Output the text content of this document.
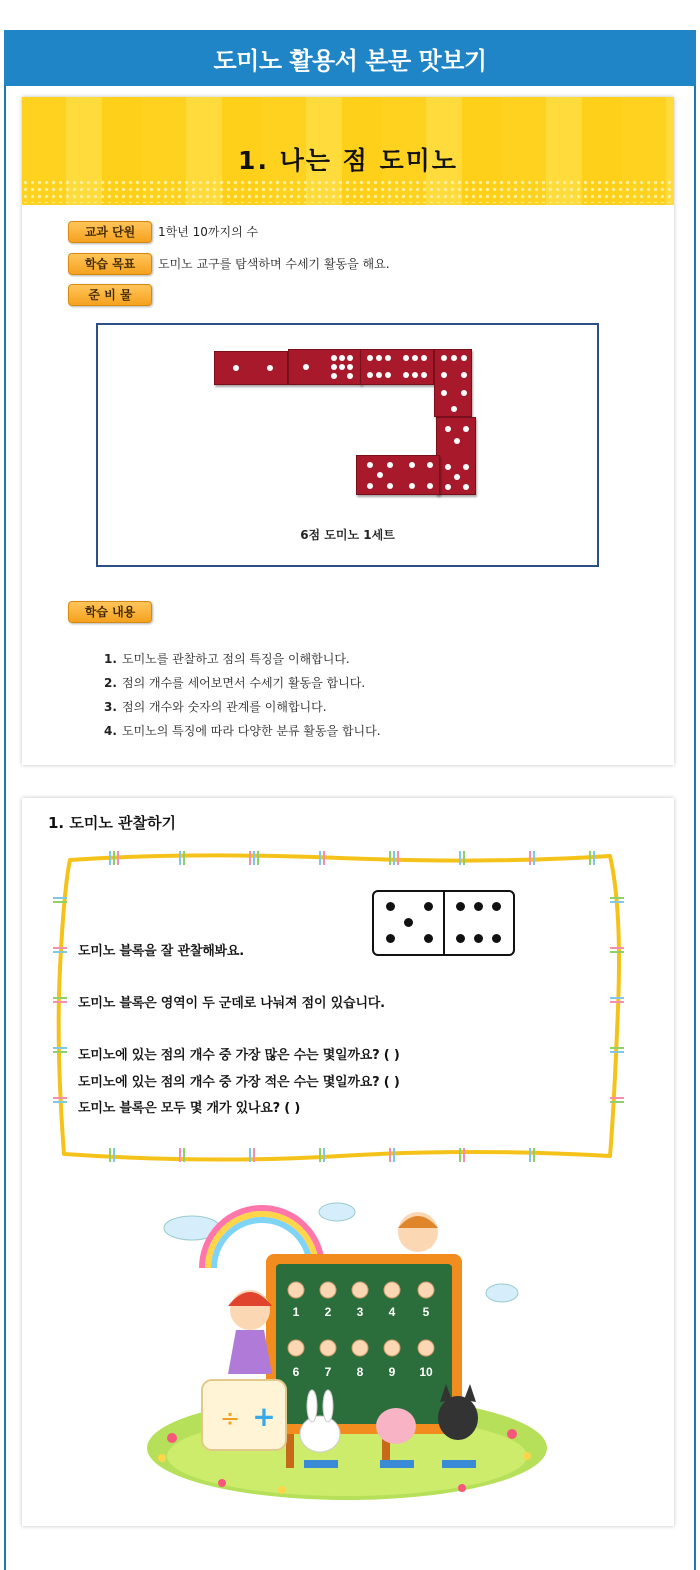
도미노 활용서 본문 맛보기
1. 나는 점 도미노
교과 단원	1학년 10까지의 수
학습 목표	도미노 교구를 탐색하며 수세기 활동을 해요.
준 비 물
6점 도미노 1세트
학습 내용
1. 도미노를 관찰하고 점의 특징을 이해합니다.
2. 점의 개수를 세어보면서 수세기 활동을 합니다.
3. 점의 개수와 숫자의 관계를 이해합니다.
4. 도미노의 특징에 따라 다양한 분류 활동을 합니다.
1. 도미노 관찰하기
도미노 블록을 잘 관찰해봐요.
도미노 블록은 영역이 두 군데로 나눠져 점이 있습니다.
도미노에 있는 점의 개수 중 가장 많은 수는 몇일까요? ( )
도미노에 있는 점의 개수 중 가장 적은 수는 몇일까요? ( )
도미노 블록은 모두 몇 개가 있나요? ( )
1 2 3 4 5
6 7 8 9 10
÷ +
